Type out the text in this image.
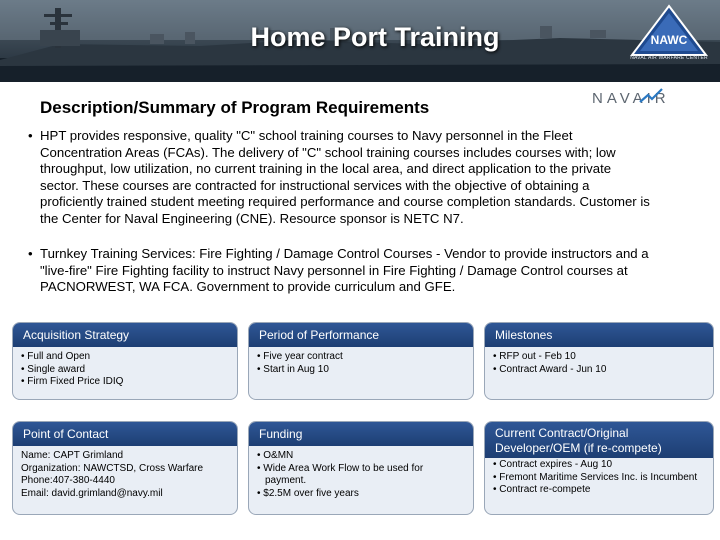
Home Port Training	NAWC
NAVAL AIR WARFARE CENTER
NAVAIR
Description/Summary of Program Requirements
• HPT provides responsive, quality "C" school training courses to Navy personnel in the Fleet Concentration Areas (FCAs). The delivery of "C" school training courses includes courses with; low throughput, low utilization, no current training in the local area, and direct application to the private sector. These courses are contracted for instructional services with the objective of obtaining a proficiently trained student meeting required performance and course completion standards. Customer is the Center for Naval Engineering (CNE). Resource sponsor is NETC N7.
• Turnkey Training Services: Fire Fighting / Damage Control Courses - Vendor to provide instructors and a "live-fire" Fire Fighting facility to instruct Navy personnel in Fire Fighting / Damage Control courses at PACNORWEST, WA FCA. Government to provide curriculum and GFE.
Acquisition Strategy
• Full and Open
• Single award
• Firm Fixed Price IDIQ
Period of Performance
• Five year contract
• Start in Aug 10
Milestones
• RFP out - Feb 10
• Contract Award - Jun 10
Point of Contact
Name: CAPT Grimland
Organization: NAWCTSD, Cross Warfare
Phone:407-380-4440
Email: david.grimland@navy.mil
Funding
• O&MN
• Wide Area Work Flow to be used for payment.
• $2.5M over five years
Current Contract/Original Developer/OEM (if re-compete)
• Contract expires - Aug 10
• Fremont Maritime Services Inc. is Incumbent
• Contract re-compete
